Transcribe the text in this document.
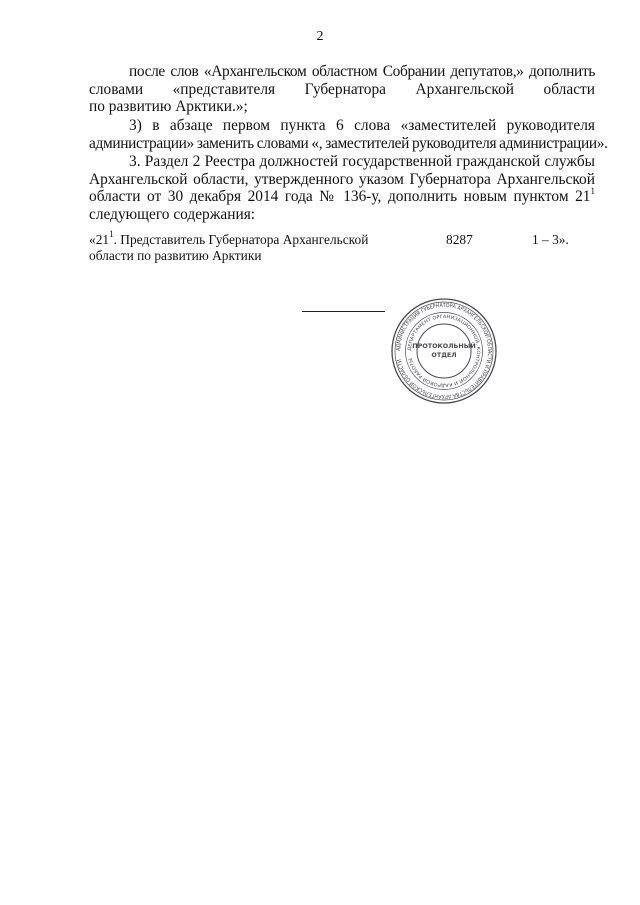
2

после слов «Архангельском областном Собрании депутатов,» дополнить
словами «представителя Губернатора Архангельской области
по развитию Арктики.»;

3) в абзаце первом пункта 6 слова «заместителей руководителя
администрации» заменить словами «, заместителей руководителя администрации».

3. Раздел 2 Реестра должностей государственной гражданской службы
Архангельской области, утвержденного указом Губернатора Архангельской
области от 30 декабря 2014 года № 136-у, дополнить новым пунктом $21^1$
следующего содержания:

«$21^1$. Представитель Губернатора Архангельской
области по развитию Арктики
8287	1 – 3».
АДМИНИСТРАЦИЯ ГУБЕРНАТОРА АРХАНГЕЛЬСКОЙ ОБЛАСТИ И ПРАВИТЕЛЬСТВА АРХАНГЕЛЬСКОЙ ОБЛАСТИ
ДЕПАРТАМЕНТ ОРГАНИЗАЦИОННОЙ, КОНТРОЛЬНОЙ И КАДРОВОЙ РАБОТЫ
ПРОТОКОЛЬНЫЙ
ОТДЕЛ
